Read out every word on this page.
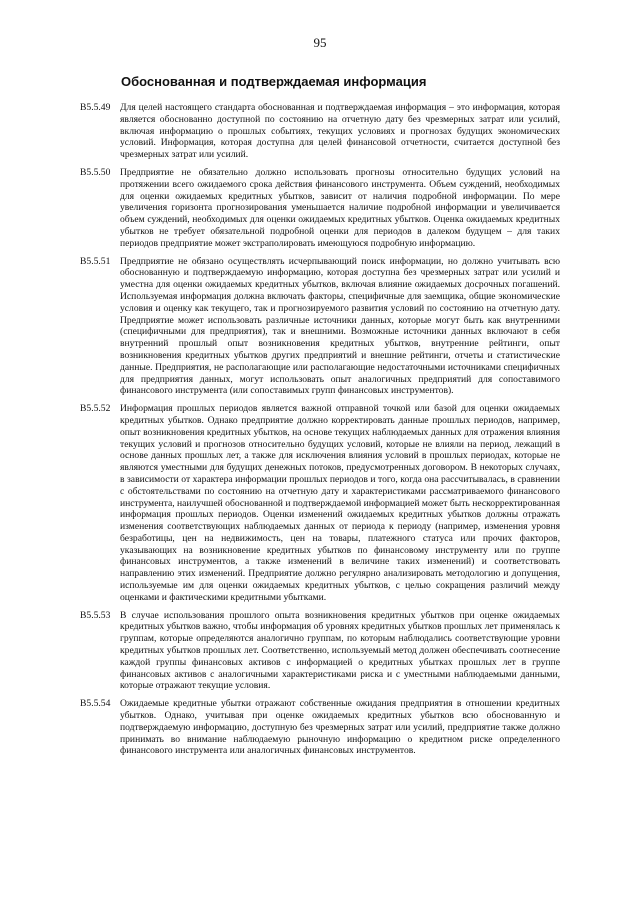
95
Обоснованная и подтверждаемая информация
B5.5.49	Для целей настоящего стандарта обоснованная и подтверждаемая информация – это информация, которая является обоснованно доступной по состоянию на отчетную дату без чрезмерных затрат или усилий, включая информацию о прошлых событиях, текущих условиях и прогнозах будущих экономических условий. Информация, которая доступна для целей финансовой отчетности, считается доступной без чрезмерных затрат или усилий.
B5.5.50	Предприятие не обязательно должно использовать прогнозы относительно будущих условий на протяжении всего ожидаемого срока действия финансового инструмента. Объем суждений, необходимых для оценки ожидаемых кредитных убытков, зависит от наличия подробной информации. По мере увеличения горизонта прогнозирования уменьшается наличие подробной информации и увеличивается объем суждений, необходимых для оценки ожидаемых кредитных убытков. Оценка ожидаемых кредитных убытков не требует обязательной подробной оценки для периодов в далеком будущем – для таких периодов предприятие может экстраполировать имеющуюся подробную информацию.
B5.5.51	Предприятие не обязано осуществлять исчерпывающий поиск информации, но должно учитывать всю обоснованную и подтверждаемую информацию, которая доступна без чрезмерных затрат или усилий и уместна для оценки ожидаемых кредитных убытков, включая влияние ожидаемых досрочных погашений. Используемая информация должна включать факторы, специфичные для заемщика, общие экономические условия и оценку как текущего, так и прогнозируемого развития условий по состоянию на отчетную дату. Предприятие может использовать различные источники данных, которые могут быть как внутренними (специфичными для предприятия), так и внешними. Возможные источники данных включают в себя внутренний прошлый опыт возникновения кредитных убытков, внутренние рейтинги, опыт возникновения кредитных убытков других предприятий и внешние рейтинги, отчеты и статистические данные. Предприятия, не располагающие или располагающие недостаточными источниками специфичных для предприятия данных, могут использовать опыт аналогичных предприятий для сопоставимого финансового инструмента (или сопоставимых групп финансовых инструментов).
B5.5.52	Информация прошлых периодов является важной отправной точкой или базой для оценки ожидаемых кредитных убытков. Однако предприятие должно корректировать данные прошлых периодов, например, опыт возникновения кредитных убытков, на основе текущих наблюдаемых данных для отражения влияния текущих условий и прогнозов относительно будущих условий, которые не влияли на период, лежащий в основе данных прошлых лет, а также для исключения влияния условий в прошлых периодах, которые не являются уместными для будущих денежных потоков, предусмотренных договором. В некоторых случаях, в зависимости от характера информации прошлых периодов и того, когда она рассчитывалась, в сравнении с обстоятельствами по состоянию на отчетную дату и характеристиками рассматриваемого финансового инструмента, наилучшей обоснованной и подтверждаемой информацией может быть нескорректированная информация прошлых периодов. Оценки изменений ожидаемых кредитных убытков должны отражать изменения соответствующих наблюдаемых данных от периода к периоду (например, изменения уровня безработицы, цен на недвижимость, цен на товары, платежного статуса или прочих факторов, указывающих на возникновение кредитных убытков по финансовому инструменту или по группе финансовых инструментов, а также изменений в величине таких изменений) и соответствовать направлению этих изменений. Предприятие должно регулярно анализировать методологию и допущения, используемые им для оценки ожидаемых кредитных убытков, с целью сокращения различий между оценками и фактическими кредитными убытками.
B5.5.53	В случае использования прошлого опыта возникновения кредитных убытков при оценке ожидаемых кредитных убытков важно, чтобы информация об уровнях кредитных убытков прошлых лет применялась к группам, которые определяются аналогично группам, по которым наблюдались соответствующие уровни кредитных убытков прошлых лет. Соответственно, используемый метод должен обеспечивать соотнесение каждой группы финансовых активов с информацией о кредитных убытках прошлых лет в группе финансовых активов с аналогичными характеристиками риска и с уместными наблюдаемыми данными, которые отражают текущие условия.
B5.5.54	Ожидаемые кредитные убытки отражают собственные ожидания предприятия в отношении кредитных убытков. Однако, учитывая при оценке ожидаемых кредитных убытков всю обоснованную и подтверждаемую информацию, доступную без чрезмерных затрат или усилий, предприятие также должно принимать во внимание наблюдаемую рыночную информацию о кредитном риске определенного финансового инструмента или аналогичных финансовых инструментов.
